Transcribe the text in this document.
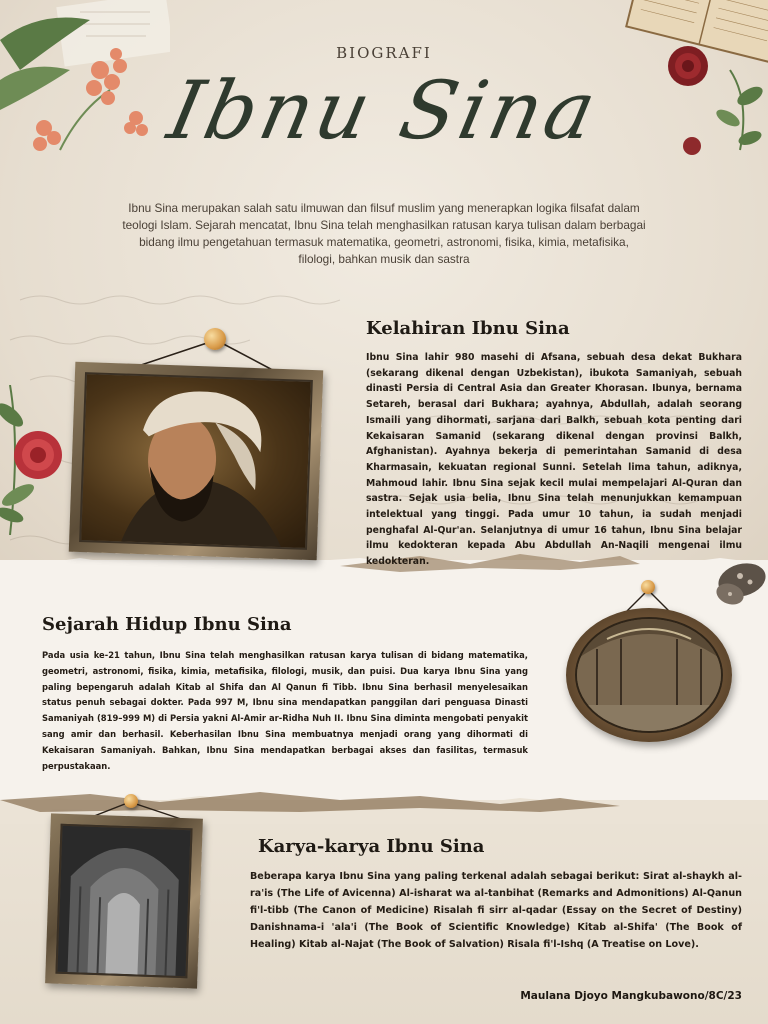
BIOGRAFI
Ibnu Sina
Ibnu Sina merupakan salah satu ilmuwan dan filsuf muslim yang menerapkan logika filsafat dalam teologi Islam. Sejarah mencatat, Ibnu Sina telah menghasilkan ratusan karya tulisan dalam berbagai bidang ilmu pengetahuan termasuk matematika, geometri, astronomi, fisika, kimia, metafisika, filologi, bahkan musik dan sastra
Kelahiran Ibnu Sina
Ibnu Sina lahir 980 masehi di Afsana, sebuah desa dekat Bukhara (sekarang dikenal dengan Uzbekistan), ibukota Samaniyah, sebuah dinasti Persia di Central Asia dan Greater Khorasan. Ibunya, bernama Setareh, berasal dari Bukhara; ayahnya, Abdullah, adalah seorang Ismaili yang dihormati, sarjana dari Balkh, sebuah kota penting dari Kekaisaran Samanid (sekarang dikenal dengan provinsi Balkh, Afghanistan). Ayahnya bekerja di pemerintahan Samanid di desa Kharmasain, kekuatan regional Sunni. Setelah lima tahun, adiknya, Mahmoud lahir. Ibnu Sina sejak kecil mulai mempelajari Al-Quran dan sastra. Sejak usia belia, Ibnu Sina telah menunjukkan kemampuan intelektual yang tinggi. Pada umur 10 tahun, ia sudah menjadi penghafal Al-Qur'an. Selanjutnya di umur 16 tahun, Ibnu Sina belajar ilmu kedokteran kepada Abu Abdullah An-Naqili mengenai ilmu kedokteran.
Sejarah Hidup Ibnu Sina
Pada usia ke-21 tahun, Ibnu Sina telah menghasilkan ratusan karya tulisan di bidang matematika, geometri, astronomi, fisika, kimia, metafisika, filologi, musik, dan puisi. Dua karya Ibnu Sina yang paling bepengaruh adalah Kitab al Shifa dan Al Qanun fi Tibb. Ibnu Sina berhasil menyelesaikan status penuh sebagai dokter. Pada 997 M, Ibnu sina mendapatkan panggilan dari penguasa Dinasti Samaniyah (819–999 M) di Persia yakni Al-Amir ar-Ridha Nuh II. Ibnu Sina diminta mengobati penyakit sang amir dan berhasil. Keberhasilan Ibnu Sina membuatnya menjadi orang yang dihormati di Kekaisaran Samaniyah. Bahkan, Ibnu Sina mendapatkan berbagai akses dan fasilitas, termasuk perpustakaan.
Karya-karya Ibnu Sina
Beberapa karya Ibnu Sina yang paling terkenal adalah sebagai berikut: Sirat al-shaykh al-ra'is (The Life of Avicenna) Al-isharat wa al-tanbihat (Remarks and Admonitions) Al-Qanun fi'l-tibb (The Canon of Medicine) Risalah fi sirr al-qadar (Essay on the Secret of Destiny) Danishnama-i 'ala'i (The Book of Scientific Knowledge) Kitab al-Shifa' (The Book of Healing) Kitab al-Najat (The Book of Salvation) Risala fi'l-Ishq (A Treatise on Love).
Maulana Djoyo Mangkubawono/8C/23
